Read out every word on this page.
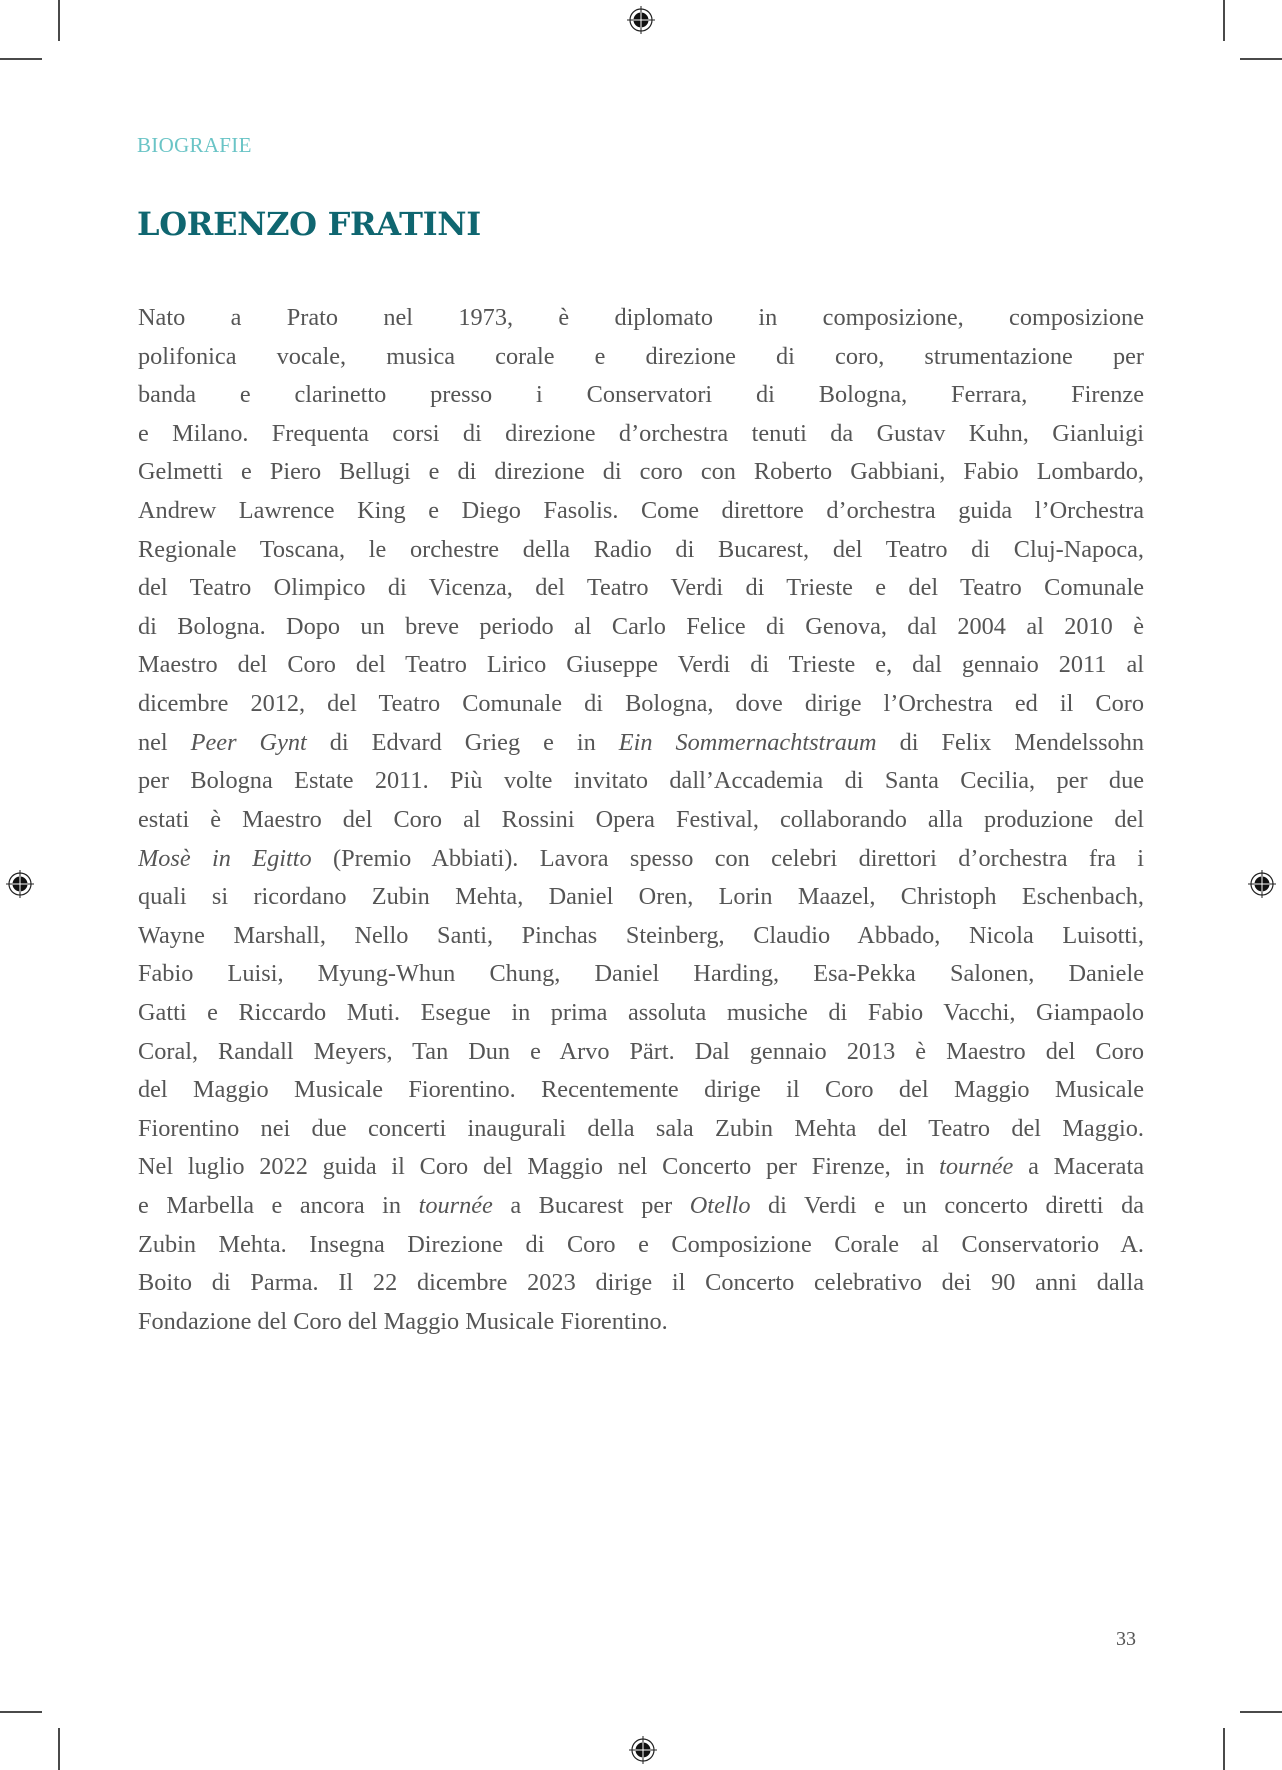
BIOGRAFIE
LORENZO FRATINI
Nato a Prato nel 1973, è diplomato in composizione, composizione
polifonica vocale, musica corale e direzione di coro, strumentazione per
banda e clarinetto presso i Conservatori di Bologna, Ferrara, Firenze
e Milano. Frequenta corsi di direzione d’orchestra tenuti da Gustav Kuhn, Gianluigi
Gelmetti e Piero Bellugi e di direzione di coro con Roberto Gabbiani, Fabio Lombardo,
Andrew Lawrence King e Diego Fasolis. Come direttore d’orchestra guida l’Orchestra
Regionale Toscana, le orchestre della Radio di Bucarest, del Teatro di Cluj-Napoca,
del Teatro Olimpico di Vicenza, del Teatro Verdi di Trieste e del Teatro Comunale
di Bologna. Dopo un breve periodo al Carlo Felice di Genova, dal 2004 al 2010 è
Maestro del Coro del Teatro Lirico Giuseppe Verdi di Trieste e, dal gennaio 2011 al
dicembre 2012, del Teatro Comunale di Bologna, dove dirige l’Orchestra ed il Coro
nel Peer Gynt di Edvard Grieg e in Ein Sommernachtstraum di Felix Mendelssohn
per Bologna Estate 2011. Più volte invitato dall’Accademia di Santa Cecilia, per due
estati è Maestro del Coro al Rossini Opera Festival, collaborando alla produzione del
Mosè in Egitto (Premio Abbiati). Lavora spesso con celebri direttori d’orchestra fra i
quali si ricordano Zubin Mehta, Daniel Oren, Lorin Maazel, Christoph Eschenbach,
Wayne Marshall, Nello Santi, Pinchas Steinberg, Claudio Abbado, Nicola Luisotti,
Fabio Luisi, Myung-Whun Chung, Daniel Harding, Esa-Pekka Salonen, Daniele
Gatti e Riccardo Muti. Esegue in prima assoluta musiche di Fabio Vacchi, Giampaolo
Coral, Randall Meyers, Tan Dun e Arvo Pärt. Dal gennaio 2013 è Maestro del Coro
del Maggio Musicale Fiorentino. Recentemente dirige il Coro del Maggio Musicale
Fiorentino nei due concerti inaugurali della sala Zubin Mehta del Teatro del Maggio.
Nel luglio 2022 guida il Coro del Maggio nel Concerto per Firenze, in tournée a Macerata
e Marbella e ancora in tournée a Bucarest per Otello di Verdi e un concerto diretti da
Zubin Mehta. Insegna Direzione di Coro e Composizione Corale al Conservatorio A.
Boito di Parma. Il 22 dicembre 2023 dirige il Concerto celebrativo dei 90 anni dalla
Fondazione del Coro del Maggio Musicale Fiorentino.
33
